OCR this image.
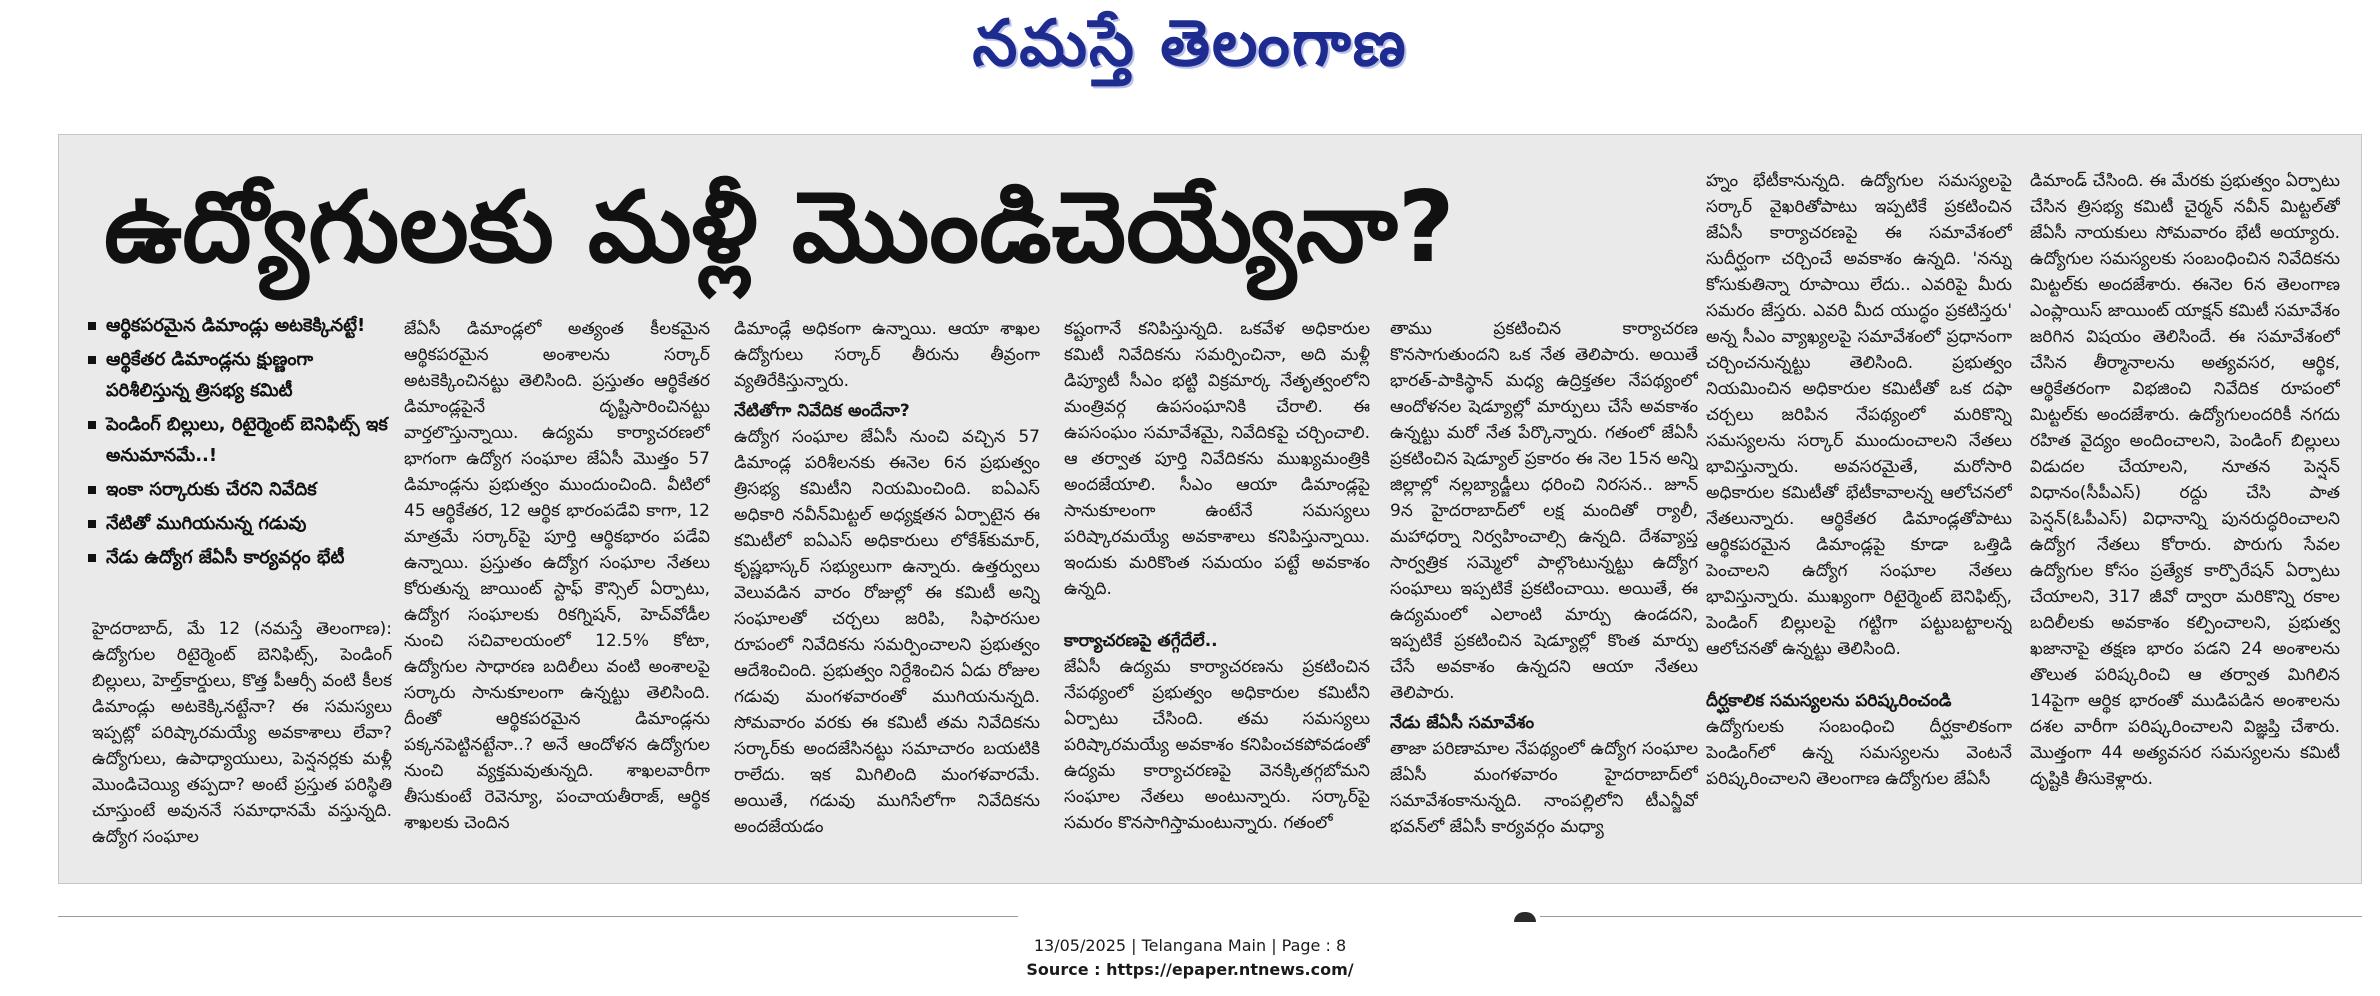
నమస్తే తెలంగాణ
ఉద్యోగులకు మళ్లీ మొండిచెయ్యేనా?
ఆర్థికపరమైన డిమాండ్లు అటకెక్కినట్టే!
ఆర్థికేతర డిమాండ్లను క్షుణ్ణంగా పరిశీలిస్తున్న త్రిసభ్య కమిటీ
పెండింగ్ బిల్లులు, రిటైర్మెంట్ బెనిఫిట్స్ ఇక అనుమానమే..!
ఇంకా సర్కారుకు చేరని నివేదిక
నేటితో ముగియనున్న గడువు
నేడు ఉద్యోగ జేఏసీ కార్యవర్గం భేటీ

హైదరాబాద్, మే 12 (నమస్తే తెలంగాణ): ఉద్యోగుల రిటైర్మెంట్ బెనిఫిట్స్, పెండింగ్ బిల్లులు, హెల్త్‌కార్డులు, కొత్త పీఆర్సీ వంటి కీలక డిమాండ్లు అటకెక్కినట్టేనా? ఈ సమస్యలు ఇప్పట్లో పరిష్కారమయ్యే అవకాశాలు లేవా? ఉద్యోగులు, ఉపాధ్యాయులు, పెన్షనర్లకు మళ్లీ మొండిచెయ్యి తప్పదా? అంటే ప్రస్తుత పరిస్థితి చూస్తుంటే అవుననే సమాధానమే వస్తున్నది. ఉద్యోగ సంఘాల

జేఏసీ డిమాండ్లలో అత్యంత కీలకమైన ఆర్థికపరమైన అంశాలను సర్కార్ అటకెక్కించినట్టు తెలిసింది. ప్రస్తుతం ఆర్థికేతర డిమాండ్లపైనే దృష్టిసారించినట్టు వార్తలొస్తున్నాయి. ఉద్యమ కార్యాచరణలో భాగంగా ఉద్యోగ సంఘాల జేఏసీ మొత్తం 57 డిమాండ్లను ప్రభుత్వం ముందుంచింది. వీటిలో 45 ఆర్థికేతర, 12 ఆర్థిక భారంపడేవి కాగా, 12 మాత్రమే సర్కార్‌పై పూర్తి ఆర్థికభారం పడేవి ఉన్నాయి. ప్రస్తుతం ఉద్యోగ సంఘాల నేతలు కోరుతున్న జాయింట్ స్టాఫ్ కౌన్సిల్ ఏర్పాటు, ఉద్యోగ సంఘాలకు రికగ్నిషన్, హెచ్‌వోడీల నుంచి సచివాలయంలో 12.5% కోటా, ఉద్యోగుల సాధారణ బదిలీలు వంటి అంశాలపై సర్కారు సానుకూలంగా ఉన్నట్టు తెలిసింది. దీంతో ఆర్థికపరమైన డిమాండ్లను పక్కనపెట్టినట్టేనా..? అనే ఆందోళన ఉద్యోగుల నుంచి వ్యక్తమవుతున్నది. శాఖలవారీగా తీసుకుంటే రెవెన్యూ, పంచాయతీరాజ్, ఆర్థిక శాఖలకు చెందిన

డిమాండ్లే అధికంగా ఉన్నాయి. ఆయా శాఖల ఉద్యోగులు సర్కార్ తీరును తీవ్రంగా వ్యతిరేకిస్తున్నారు.

నేటితోగా నివేదిక అందేనా?

ఉద్యోగ సంఘాల జేఏసీ నుంచి వచ్చిన 57 డిమాండ్ల పరిశీలనకు ఈనెల 6న ప్రభుత్వం త్రిసభ్య కమిటీని నియమించింది. ఐఏఎస్ అధికారి నవీన్‌మిట్టల్ అధ్యక్షతన ఏర్పాటైన ఈ కమిటీలో ఐఏఎస్ అధికారులు లోకేశ్‌కుమార్, కృష్ణభాస్కర్ సభ్యులుగా ఉన్నారు. ఉత్తర్వులు వెలువడిన వారం రోజుల్లో ఈ కమిటీ అన్ని సంఘాలతో చర్చలు జరిపి, సిఫారసుల రూపంలో నివేదికను సమర్పించాలని ప్రభుత్వం ఆదేశించింది. ప్రభుత్వం నిర్దేశించిన ఏడు రోజుల గడువు మంగళవారంతో ముగియనున్నది. సోమవారం వరకు ఈ కమిటీ తమ నివేదికను సర్కార్‌కు అందజేసినట్టు సమాచారం బయటికి రాలేదు. ఇక మిగిలింది మంగళవారమే. అయితే, గడువు ముగిసేలోగా నివేదికను అందజేయడం

కష్టంగానే కనిపిస్తున్నది. ఒకవేళ అధికారుల కమిటీ నివేదికను సమర్పించినా, అది మళ్లీ డిప్యూటీ సీఎం భట్టి విక్రమార్క నేతృత్వంలోని మంత్రివర్గ ఉపసంఘానికి చేరాలి. ఈ ఉపసంఘం సమావేశమై, నివేదికపై చర్చించాలి. ఆ తర్వాత పూర్తి నివేదికను ముఖ్యమంత్రికి అందజేయాలి. సీఎం ఆయా డిమాండ్లపై సానుకూలంగా ఉంటేనే సమస్యలు పరిష్కారమయ్యే అవకాశాలు కనిపిస్తున్నాయి. ఇందుకు మరికొంత సమయం పట్టే అవకాశం ఉన్నది.

కార్యాచరణపై తగ్గేదేలే..

జేఏసీ ఉద్యమ కార్యాచరణను ప్రకటించిన నేపథ్యంలో ప్రభుత్వం అధికారుల కమిటీని ఏర్పాటు చేసింది. తమ సమస్యలు పరిష్కారమయ్యే అవకాశం కనిపించకపోవడంతో ఉద్యమ కార్యాచరణపై వెనక్కితగ్గబోమని సంఘాల నేతలు అంటున్నారు. సర్కార్‌పై సమరం కొనసాగిస్తామంటున్నారు. గతంలో

తాము ప్రకటించిన కార్యాచరణ కొనసాగుతుందని ఒక నేత తెలిపారు. అయితే భారత్-పాకిస్థాన్ మధ్య ఉద్రిక్తతల నేపథ్యంలో ఆందోళనల షెడ్యూల్లో మార్పులు చేసే అవకాశం ఉన్నట్టు మరో నేత పేర్కొన్నారు. గతంలో జేఏసీ ప్రకటించిన షెడ్యూల్ ప్రకారం ఈ నెల 15న అన్ని జిల్లాల్లో నల్లబ్యాడ్జీలు ధరించి నిరసన.. జూన్ 9న హైదరాబాద్‌లో లక్ష మందితో ర్యాలీ, మహాధర్నా నిర్వహించాల్సి ఉన్నది. దేశవ్యాప్త సార్వత్రిక సమ్మెలో పాల్గొంటున్నట్టు ఉద్యోగ సంఘాలు ఇప్పటికే ప్రకటించాయి. అయితే, ఈ ఉద్యమంలో ఎలాంటి మార్పు ఉండదని, ఇప్పటికే ప్రకటించిన షెడ్యూల్లో కొంత మార్పు చేసే అవకాశం ఉన్నదని ఆయా నేతలు తెలిపారు.

నేడు జేఏసీ సమావేశం

తాజా పరిణామాల నేపథ్యంలో ఉద్యోగ సంఘాల జేఏసీ మంగళవారం హైదరాబాద్‌లో సమావేశంకానున్నది. నాంపల్లిలోని టీఎన్జీవో భవన్‌లో జేఏసీ కార్యవర్గం మధ్యా

హ్నం భేటీకానున్నది. ఉద్యోగుల సమస్యలపై సర్కార్ వైఖరితోపాటు ఇప్పటికే ప్రకటించిన జేఏసీ కార్యాచరణపై ఈ సమావేశంలో సుదీర్ఘంగా చర్చించే అవకాశం ఉన్నది. 'నన్ను కోసుకుతిన్నా రూపాయి లేదు.. ఎవరిపై మీరు సమరం జేస్తరు. ఎవరి మీద యుద్ధం ప్రకటిస్తరు' అన్న సీఎం వ్యాఖ్యలపై సమావేశంలో ప్రధానంగా చర్చించనున్నట్టు తెలిసింది. ప్రభుత్వం నియమించిన అధికారుల కమిటీతో ఒక దఫా చర్చలు జరిపిన నేపథ్యంలో మరికొన్ని సమస్యలను సర్కార్ ముందుంచాలని నేతలు భావిస్తున్నారు. అవసరమైతే, మరోసారి అధికారుల కమిటీతో భేటీకావాలన్న ఆలోచనలో నేతలున్నారు. ఆర్థికేతర డిమాండ్లతోపాటు ఆర్థికపరమైన డిమాండ్లపై కూడా ఒత్తిడి పెంచాలని ఉద్యోగ సంఘాల నేతలు భావిస్తున్నారు. ముఖ్యంగా రిటైర్మెంట్ బెనిఫిట్స్, పెండింగ్ బిల్లులపై గట్టిగా పట్టుబట్టాలన్న ఆలోచనతో ఉన్నట్టు తెలిసింది.

దీర్ఘకాలిక సమస్యలను పరిష్కరించండి

ఉద్యోగులకు సంబంధించి దీర్ఘకాలికంగా పెండింగ్‌లో ఉన్న సమస్యలను వెంటనే పరిష్కరించాలని తెలంగాణ ఉద్యోగుల జేఏసీ

డిమాండ్ చేసింది. ఈ మేరకు ప్రభుత్వం ఏర్పాటు చేసిన త్రిసభ్య కమిటీ చైర్మన్ నవీన్ మిట్టల్‌తో జేఏసీ నాయకులు సోమవారం భేటీ అయ్యారు. ఉద్యోగుల సమస్యలకు సంబంధించిన నివేదికను మిట్టల్‌కు అందజేశారు. ఈనెల 6న తెలంగాణ ఎంప్లాయిస్ జాయింట్ యాక్షన్ కమిటీ సమావేశం జరిగిన విషయం తెలిసిందే. ఈ సమావేశంలో చేసిన తీర్మానాలను అత్యవసర, ఆర్థిక, ఆర్థికేతరంగా విభజించి నివేదిక రూపంలో మిట్టల్‌కు అందజేశారు. ఉద్యోగులందరికీ నగదు రహిత వైద్యం అందించాలని, పెండింగ్ బిల్లులు విడుదల చేయాలని, నూతన పెన్షన్ విధానం(సీపీఎస్) రద్దు చేసి పాత పెన్షన్(ఓపీఎస్) విధానాన్ని పునరుద్ధరించాలని ఉద్యోగ నేతలు కోరారు. పొరుగు సేవల ఉద్యోగుల కోసం ప్రత్యేక కార్పొరేషన్ ఏర్పాటు చేయాలని, 317 జీవో ద్వారా మరికొన్ని రకాల బదిలీలకు అవకాశం కల్పించాలని, ప్రభుత్వ ఖజానాపై తక్షణ భారం పడని 24 అంశాలను తొలుత పరిష్కరించి ఆ తర్వాత మిగిలిన 14పైగా ఆర్థిక భారంతో ముడిపడిన అంశాలను దశల వారీగా పరిష్కరించాలని విజ్ఞప్తి చేశారు. మొత్తంగా 44 అత్యవసర సమస్యలను కమిటీ దృష్టికి తీసుకెళ్లారు.

13/05/2025 | Telangana Main | Page : 8
Source : https://epaper.ntnews.com/
